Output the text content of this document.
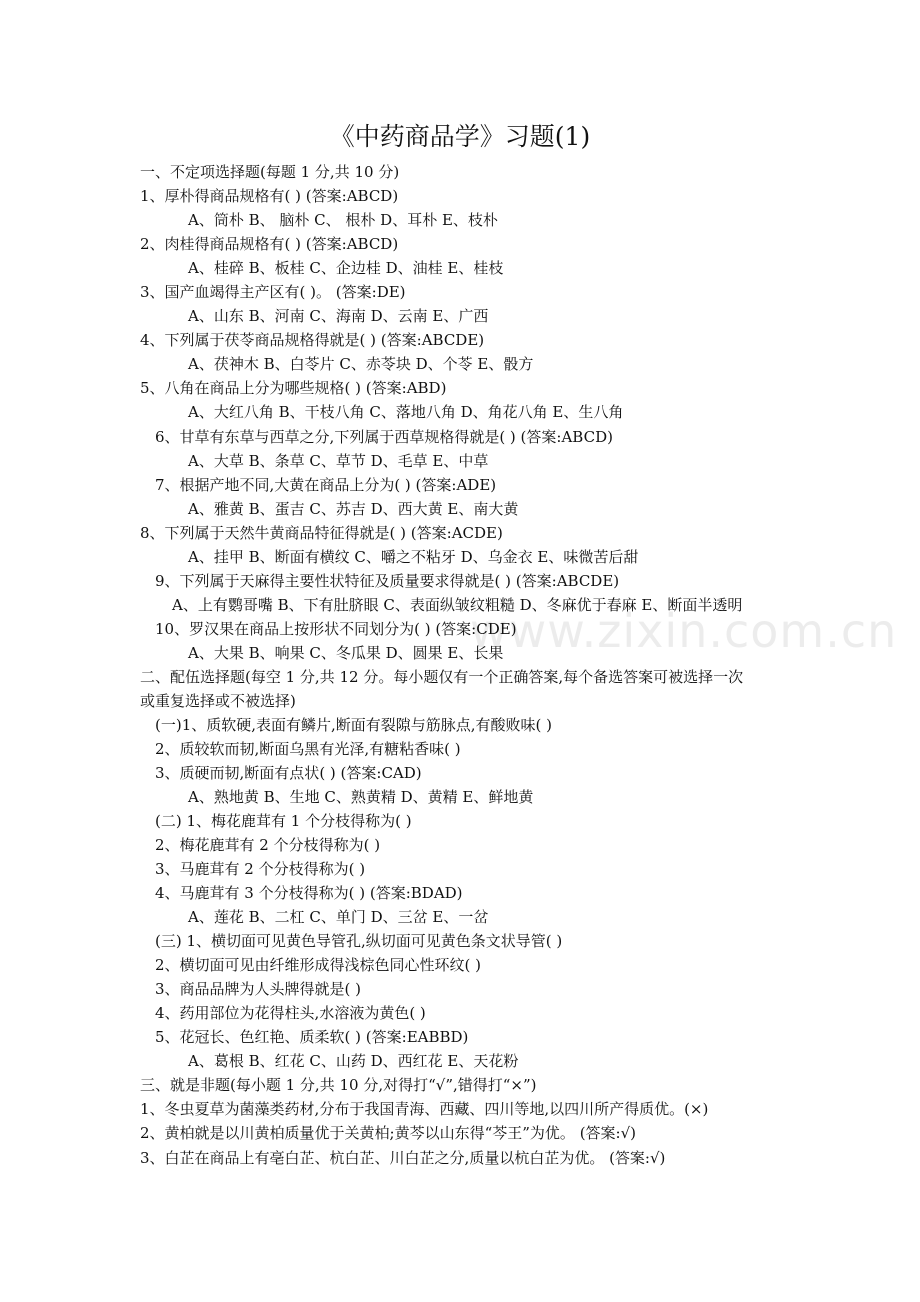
《中药商品学》习题(1)
www.zixin.com.cn
一、不定项选择题(每题 1 分,共 10 分)
1、厚朴得商品规格有( ) (答案:ABCD)
A、筒朴 B、 脑朴 C、 根朴 D、耳朴 E、枝朴
2、肉桂得商品规格有( ) (答案:ABCD)
A、桂碎 B、板桂 C、企边桂 D、油桂 E、桂枝
3、国产血竭得主产区有( )。 (答案:DE)
A、山东 B、河南 C、海南 D、云南 E、广西
4、下列属于茯苓商品规格得就是( ) (答案:ABCDE)
A、茯神木 B、白苓片 C、赤苓块 D、个苓 E、骰方
5、八角在商品上分为哪些规格( ) (答案:ABD)
A、大红八角 B、干枝八角 C、落地八角 D、角花八角 E、生八角
6、甘草有东草与西草之分,下列属于西草规格得就是( ) (答案:ABCD)
A、大草 B、条草 C、草节 D、毛草 E、中草
7、根据产地不同,大黄在商品上分为( ) (答案:ADE)
A、雅黄 B、蛋吉 C、苏吉 D、西大黄 E、南大黄
8、下列属于天然牛黄商品特征得就是( ) (答案:ACDE)
A、挂甲 B、断面有横纹 C、嚼之不粘牙 D、乌金衣 E、味微苦后甜
9、下列属于天麻得主要性状特征及质量要求得就是( ) (答案:ABCDE)
A、上有鹦哥嘴 B、下有肚脐眼 C、表面纵皱纹粗糙 D、冬麻优于春麻 E、断面半透明
10、罗汉果在商品上按形状不同划分为( ) (答案:CDE)
A、大果 B、响果 C、冬瓜果 D、圆果 E、长果
二、配伍选择题(每空 1 分,共 12 分。每小题仅有一个正确答案,每个备选答案可被选择一次
或重复选择或不被选择)
(一)1、质软硬,表面有鳞片,断面有裂隙与筋脉点,有酸败味( )
2、质较软而韧,断面乌黑有光泽,有糖粘香味( )
3、质硬而韧,断面有点状( ) (答案:CAD)
A、熟地黄 B、生地 C、熟黄精 D、黄精 E、鲜地黄
(二) 1、梅花鹿茸有 1 个分枝得称为( )
2、梅花鹿茸有 2 个分枝得称为( )
3、马鹿茸有 2 个分枝得称为( )
4、马鹿茸有 3 个分枝得称为( ) (答案:BDAD)
A、莲花 B、二杠 C、单门 D、三岔 E、一岔
(三) 1、横切面可见黄色导管孔,纵切面可见黄色条文状导管( )
2、横切面可见由纤维形成得浅棕色同心性环纹( )
3、商品品牌为人头牌得就是( )
4、药用部位为花得柱头,水溶液为黄色( )
5、花冠长、色红艳、质柔软( ) (答案:EABBD)
A、葛根 B、红花 C、山药 D、西红花 E、天花粉
三、就是非题(每小题 1 分,共 10 分,对得打“√”,错得打“×”)
1、冬虫夏草为菌藻类药材,分布于我国青海、西藏、四川等地,以四川所产得质优。(×)
2、黄柏就是以川黄柏质量优于关黄柏;黄芩以山东得“芩王”为优。 (答案:√)
3、白芷在商品上有亳白芷、杭白芷、川白芷之分,质量以杭白芷为优。 (答案:√)
